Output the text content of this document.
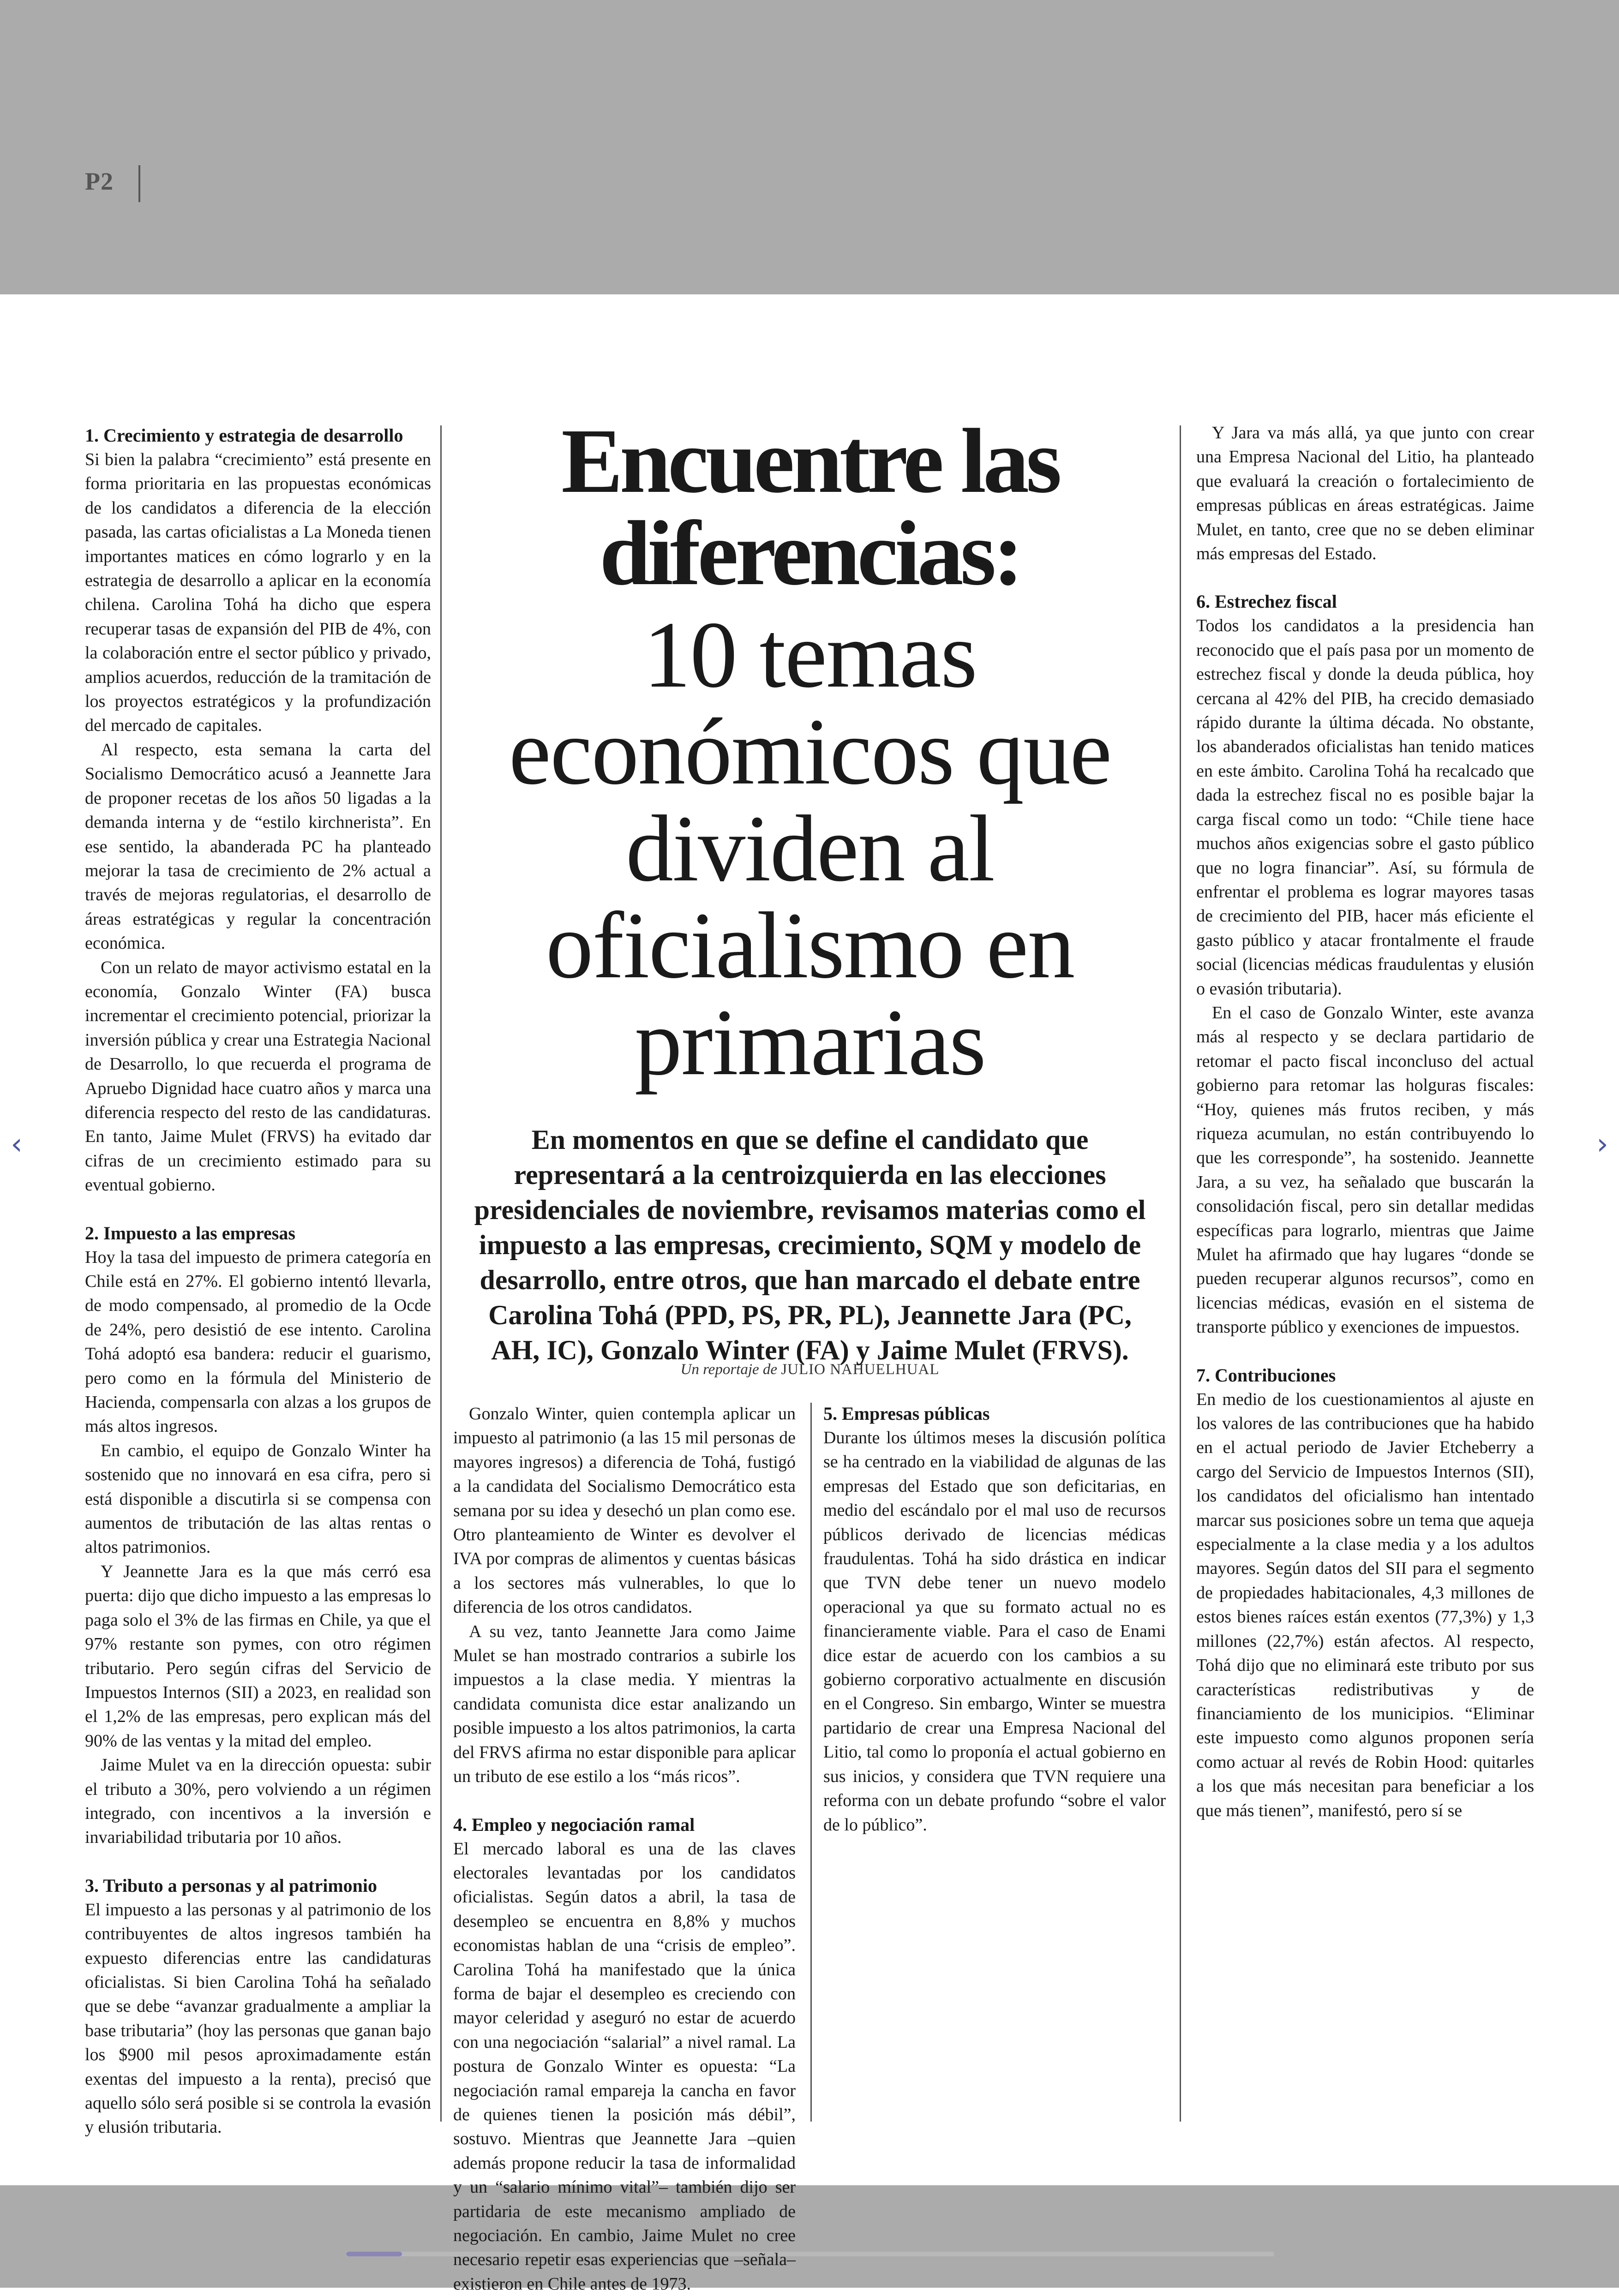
P2
‹	›
Encuentre las diferencias:
10 temas económicos que dividen al oficialismo en primarias
En momentos en que se define el candidato que representará a la centroizquierda en las elecciones presidenciales de noviembre, revisamos materias como el impuesto a las empresas, crecimiento, SQM y modelo de desarrollo, entre otros, que han marcado el debate entre Carolina Tohá (PPD, PS, PR, PL), Jeannette Jara (PC, AH, IC), Gonzalo Winter (FA) y Jaime Mulet (FRVS).
Un reportaje de JULIO NAHUELHUAL
1. Crecimiento y estrategia de desarrollo

Si bien la palabra “crecimiento” está presente en forma prioritaria en las propuestas económicas de los candidatos a diferencia de la elección pasada, las cartas oficialistas a La Moneda tienen importantes matices en cómo lograrlo y en la estrategia de desarrollo a aplicar en la economía chilena. Carolina Tohá ha dicho que espera recuperar tasas de expansión del PIB de 4%, con la colaboración entre el sector público y privado, amplios acuerdos, reducción de la tramitación de los proyectos estratégicos y la profundización del mercado de capitales.

Al respecto, esta semana la carta del Socialismo Democrático acusó a Jeannette Jara de proponer recetas de los años 50 ligadas a la demanda interna y de “estilo kirchnerista”. En ese sentido, la abanderada PC ha planteado mejorar la tasa de crecimiento de 2% actual a través de mejoras regulatorias, el desarrollo de áreas estratégicas y regular la concentración económica.

Con un relato de mayor activismo estatal en la economía, Gonzalo Winter (FA) busca incrementar el crecimiento potencial, priorizar la inversión pública y crear una Estrategia Nacional de Desarrollo, lo que recuerda el programa de Apruebo Dignidad hace cuatro años y marca una diferencia respecto del resto de las candidaturas. En tanto, Jaime Mulet (FRVS) ha evitado dar cifras de un crecimiento estimado para su eventual gobierno.

2. Impuesto a las empresas

Hoy la tasa del impuesto de primera categoría en Chile está en 27%. El gobierno intentó llevarla, de modo compensado, al promedio de la Ocde de 24%, pero desistió de ese intento. Carolina Tohá adoptó esa bandera: reducir el guarismo, pero como en la fórmula del Ministerio de Hacienda, compensarla con alzas a los grupos de más altos ingresos.

En cambio, el equipo de Gonzalo Winter ha sostenido que no innovará en esa cifra, pero si está disponible a discutirla si se compensa con aumentos de tributación de las altas rentas o altos patrimonios.

Y Jeannette Jara es la que más cerró esa puerta: dijo que dicho impuesto a las empresas lo paga solo el 3% de las firmas en Chile, ya que el 97% restante son pymes, con otro régimen tributario. Pero según cifras del Servicio de Impuestos Internos (SII) a 2023, en realidad son el 1,2% de las empresas, pero explican más del 90% de las ventas y la mitad del empleo.

Jaime Mulet va en la dirección opuesta: subir el tributo a 30%, pero volviendo a un régimen integrado, con incentivos a la inversión e invariabilidad tributaria por 10 años.

3. Tributo a personas y al patrimonio

El impuesto a las personas y al patrimonio de los contribuyentes de altos ingresos también ha expuesto diferencias entre las candidaturas oficialistas. Si bien Carolina Tohá ha señalado que se debe “avanzar gradualmente a ampliar la base tributaria” (hoy las personas que ganan bajo los $900 mil pesos aproximadamente están exentas del impuesto a la renta), precisó que aquello sólo será posible si se controla la evasión y elusión tributaria.

Gonzalo Winter, quien contempla aplicar un impuesto al patrimonio (a las 15 mil personas de mayores ingresos) a diferencia de Tohá, fustigó a la candidata del Socialismo Democrático esta semana por su idea y desechó un plan como ese. Otro planteamiento de Winter es devolver el IVA por compras de alimentos y cuentas básicas a los sectores más vulnerables, lo que lo diferencia de los otros candidatos.

A su vez, tanto Jeannette Jara como Jaime Mulet se han mostrado contrarios a subirle los impuestos a la clase media. Y mientras la candidata comunista dice estar analizando un posible impuesto a los altos patrimonios, la carta del FRVS afirma no estar disponible para aplicar un tributo de ese estilo a los “más ricos”.

4. Empleo y negociación ramal

El mercado laboral es una de las claves electorales levantadas por los candidatos oficialistas. Según datos a abril, la tasa de desempleo se encuentra en 8,8% y muchos economistas hablan de una “crisis de empleo”. Carolina Tohá ha manifestado que la única forma de bajar el desempleo es creciendo con mayor celeridad y aseguró no estar de acuerdo con una negociación “salarial” a nivel ramal. La postura de Gonzalo Winter es opuesta: “La negociación ramal empareja la cancha en favor de quienes tienen la posición más débil”, sostuvo. Mientras que Jeannette Jara –quien además propone reducir la tasa de informalidad y un “salario mínimo vital”– también dijo ser partidaria de este mecanismo ampliado de negociación. En cambio, Jaime Mulet no cree necesario repetir esas experiencias que –señala– existieron en Chile antes de 1973.

5. Empresas públicas

Durante los últimos meses la discusión política se ha centrado en la viabilidad de algunas de las empresas del Estado que son deficitarias, en medio del escándalo por el mal uso de recursos públicos derivado de licencias médicas fraudulentas. Tohá ha sido drástica en indicar que TVN debe tener un nuevo modelo operacional ya que su formato actual no es financieramente viable. Para el caso de Enami dice estar de acuerdo con los cambios a su gobierno corporativo actualmente en discusión en el Congreso. Sin embargo, Winter se muestra partidario de crear una Empresa Nacional del Litio, tal como lo proponía el actual gobierno en sus inicios, y considera que TVN requiere una reforma con un debate profundo “sobre el valor de lo público”.

Y Jara va más allá, ya que junto con crear una Empresa Nacional del Litio, ha planteado que evaluará la creación o fortalecimiento de empresas públicas en áreas estratégicas. Jaime Mulet, en tanto, cree que no se deben eliminar más empresas del Estado.

6. Estrechez fiscal

Todos los candidatos a la presidencia han reconocido que el país pasa por un momento de estrechez fiscal y donde la deuda pública, hoy cercana al 42% del PIB, ha crecido demasiado rápido durante la última década. No obstante, los abanderados oficialistas han tenido matices en este ámbito. Carolina Tohá ha recalcado que dada la estrechez fiscal no es posible bajar la carga fiscal como un todo: “Chile tiene hace muchos años exigencias sobre el gasto público que no logra financiar”. Así, su fórmula de enfrentar el problema es lograr mayores tasas de crecimiento del PIB, hacer más eficiente el gasto público y atacar frontalmente el fraude social (licencias médicas fraudulentas y elusión o evasión tributaria).

En el caso de Gonzalo Winter, este avanza más al respecto y se declara partidario de retomar el pacto fiscal inconcluso del actual gobierno para retomar las holguras fiscales: “Hoy, quienes más frutos reciben, y más riqueza acumulan, no están contribuyendo lo que les corresponde”, ha sostenido. Jeannette Jara, a su vez, ha señalado que buscarán la consolidación fiscal, pero sin detallar medidas específicas para lograrlo, mientras que Jaime Mulet ha afirmado que hay lugares “donde se pueden recuperar algunos recursos”, como en licencias médicas, evasión en el sistema de transporte público y exenciones de impuestos.

7. Contribuciones

En medio de los cuestionamientos al ajuste en los valores de las contribuciones que ha habido en el actual periodo de Javier Etcheberry a cargo del Servicio de Impuestos Internos (SII), los candidatos del oficialismo han intentado marcar sus posiciones sobre un tema que aqueja especialmente a la clase media y a los adultos mayores. Según datos del SII para el segmento de propiedades habitacionales, 4,3 millones de estos bienes raíces están exentos (77,3%) y 1,3 millones (22,7%) están afectos. Al respecto, Tohá dijo que no eliminará este tributo por sus características redistributivas y de financiamiento de los municipios. “Eliminar este impuesto como algunos proponen sería como actuar al revés de Robin Hood: quitarles a los que más necesitan para beneficiar a los que más tienen”, manifestó, pero sí se
